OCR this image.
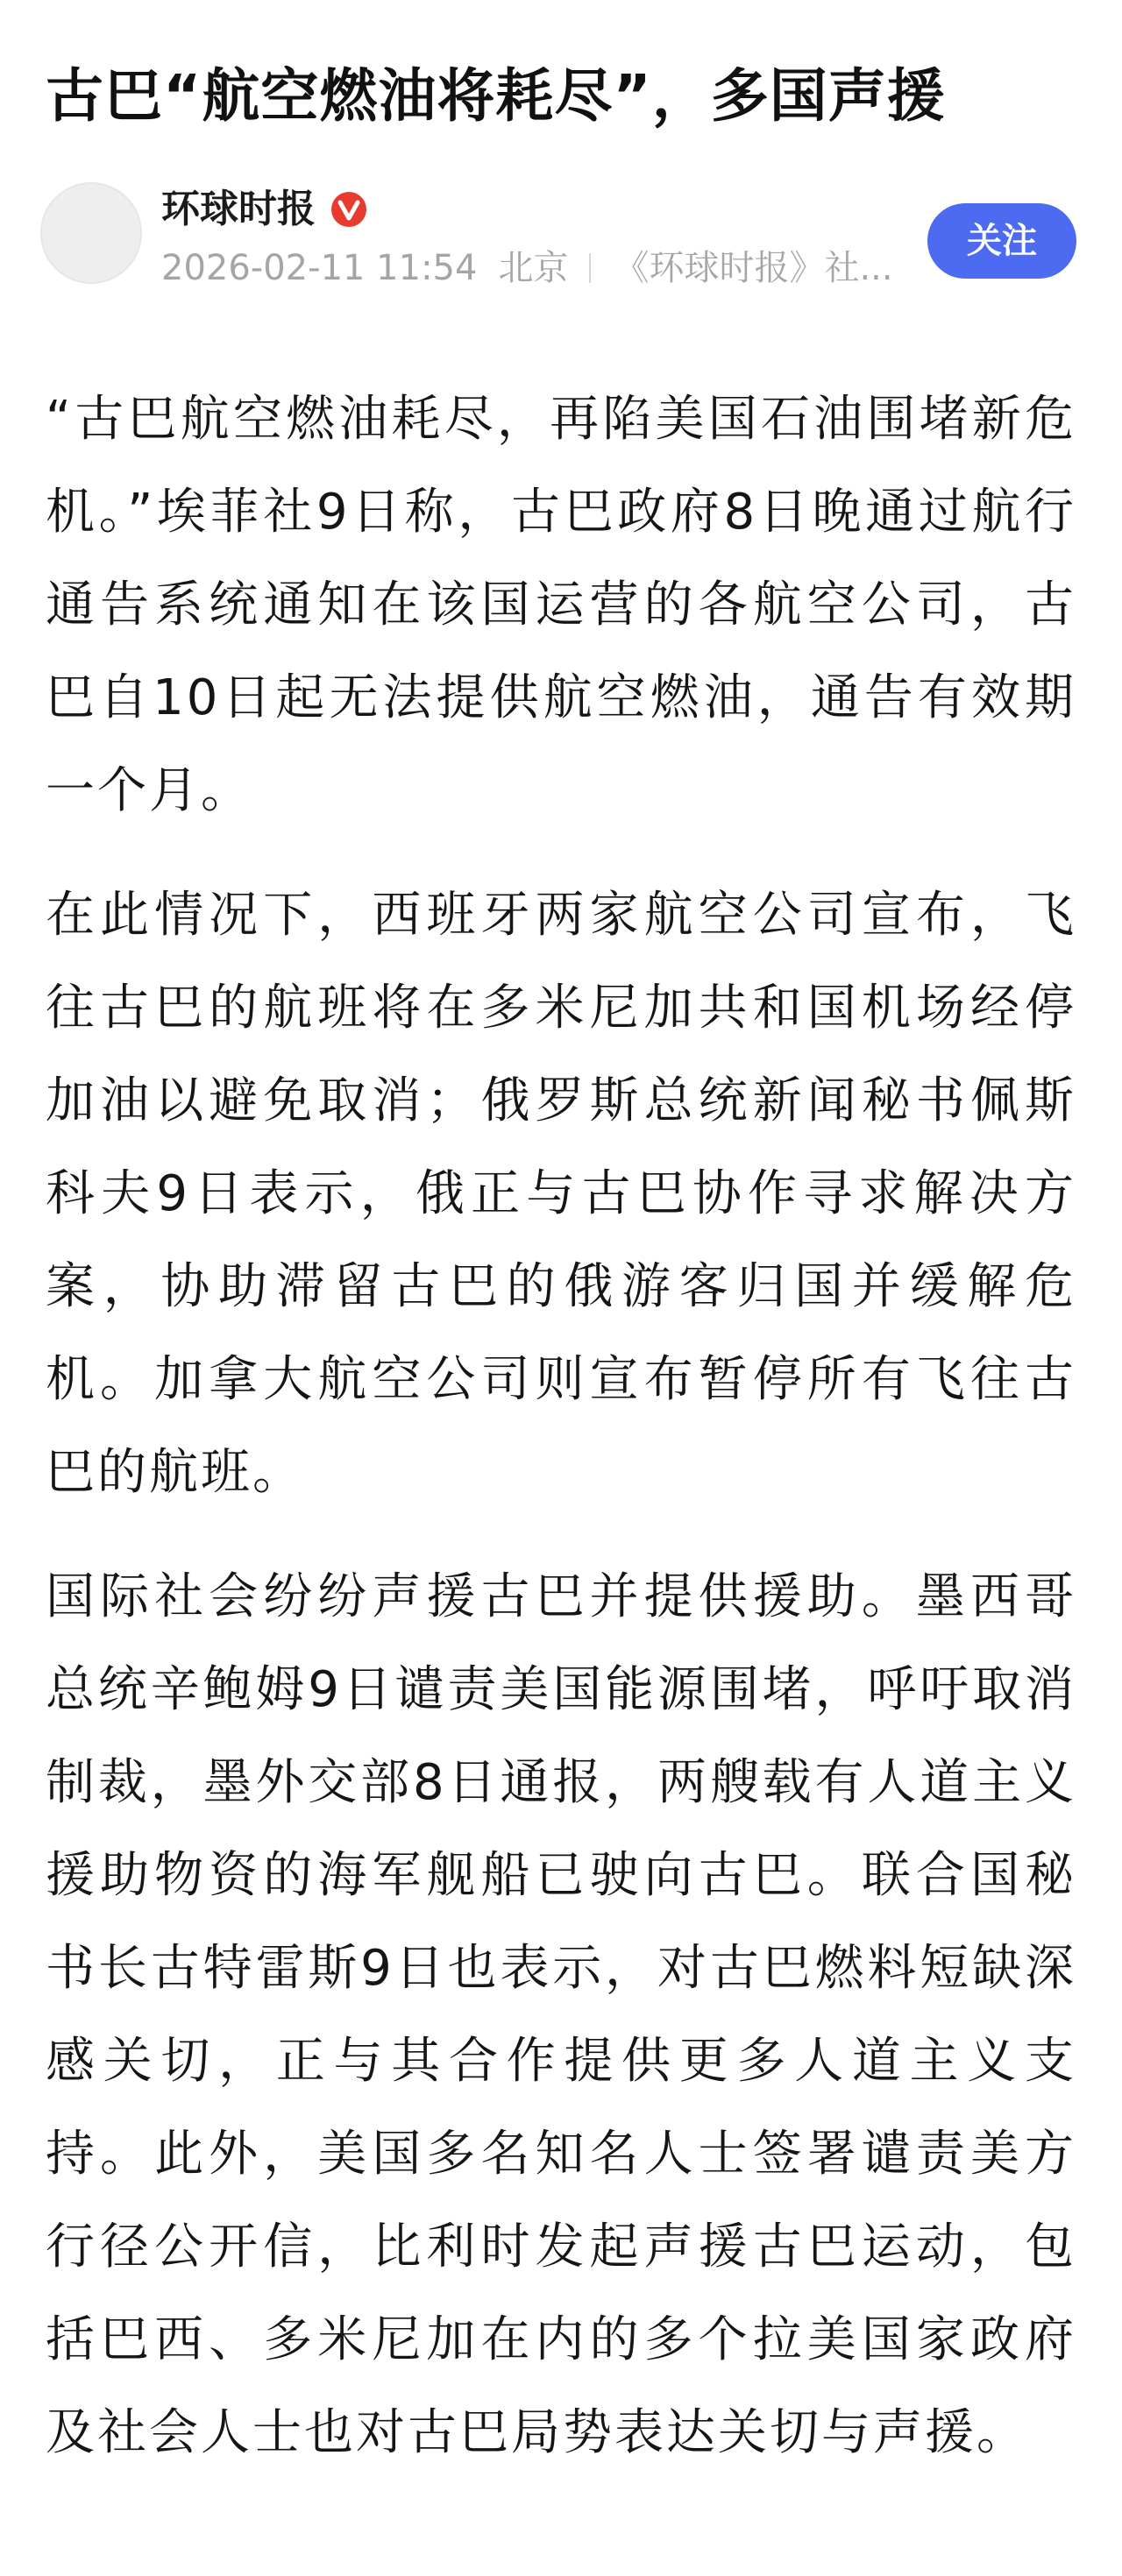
古巴“航空燃油将耗尽”，多国声援
环球时报
2026-02-11 11:54 北京 《环球时报》社...
关注

“古巴航空燃油耗尽，再陷美国石油围堵新危机。”埃菲社9日称，古巴政府8日晚通过航行通告系统通知在该国运营的各航空公司，古巴自10日起无法提供航空燃油，通告有效期一个月。

在此情况下，西班牙两家航空公司宣布，飞往古巴的航班将在多米尼加共和国机场经停加油以避免取消；俄罗斯总统新闻秘书佩斯科夫9日表示，俄正与古巴协作寻求解决方案，协助滞留古巴的俄游客归国并缓解危机。加拿大航空公司则宣布暂停所有飞往古巴的航班。

国际社会纷纷声援古巴并提供援助。墨西哥总统辛鲍姆9日谴责美国能源围堵，呼吁取消制裁，墨外交部8日通报，两艘载有人道主义援助物资的海军舰船已驶向古巴。联合国秘书长古特雷斯9日也表示，对古巴燃料短缺深感关切，正与其合作提供更多人道主义支持。此外，美国多名知名人士签署谴责美方行径公开信，比利时发起声援古巴运动，包括巴西、多米尼加在内的多个拉美国家政府及社会人士也对古巴局势表达关切与声援。
